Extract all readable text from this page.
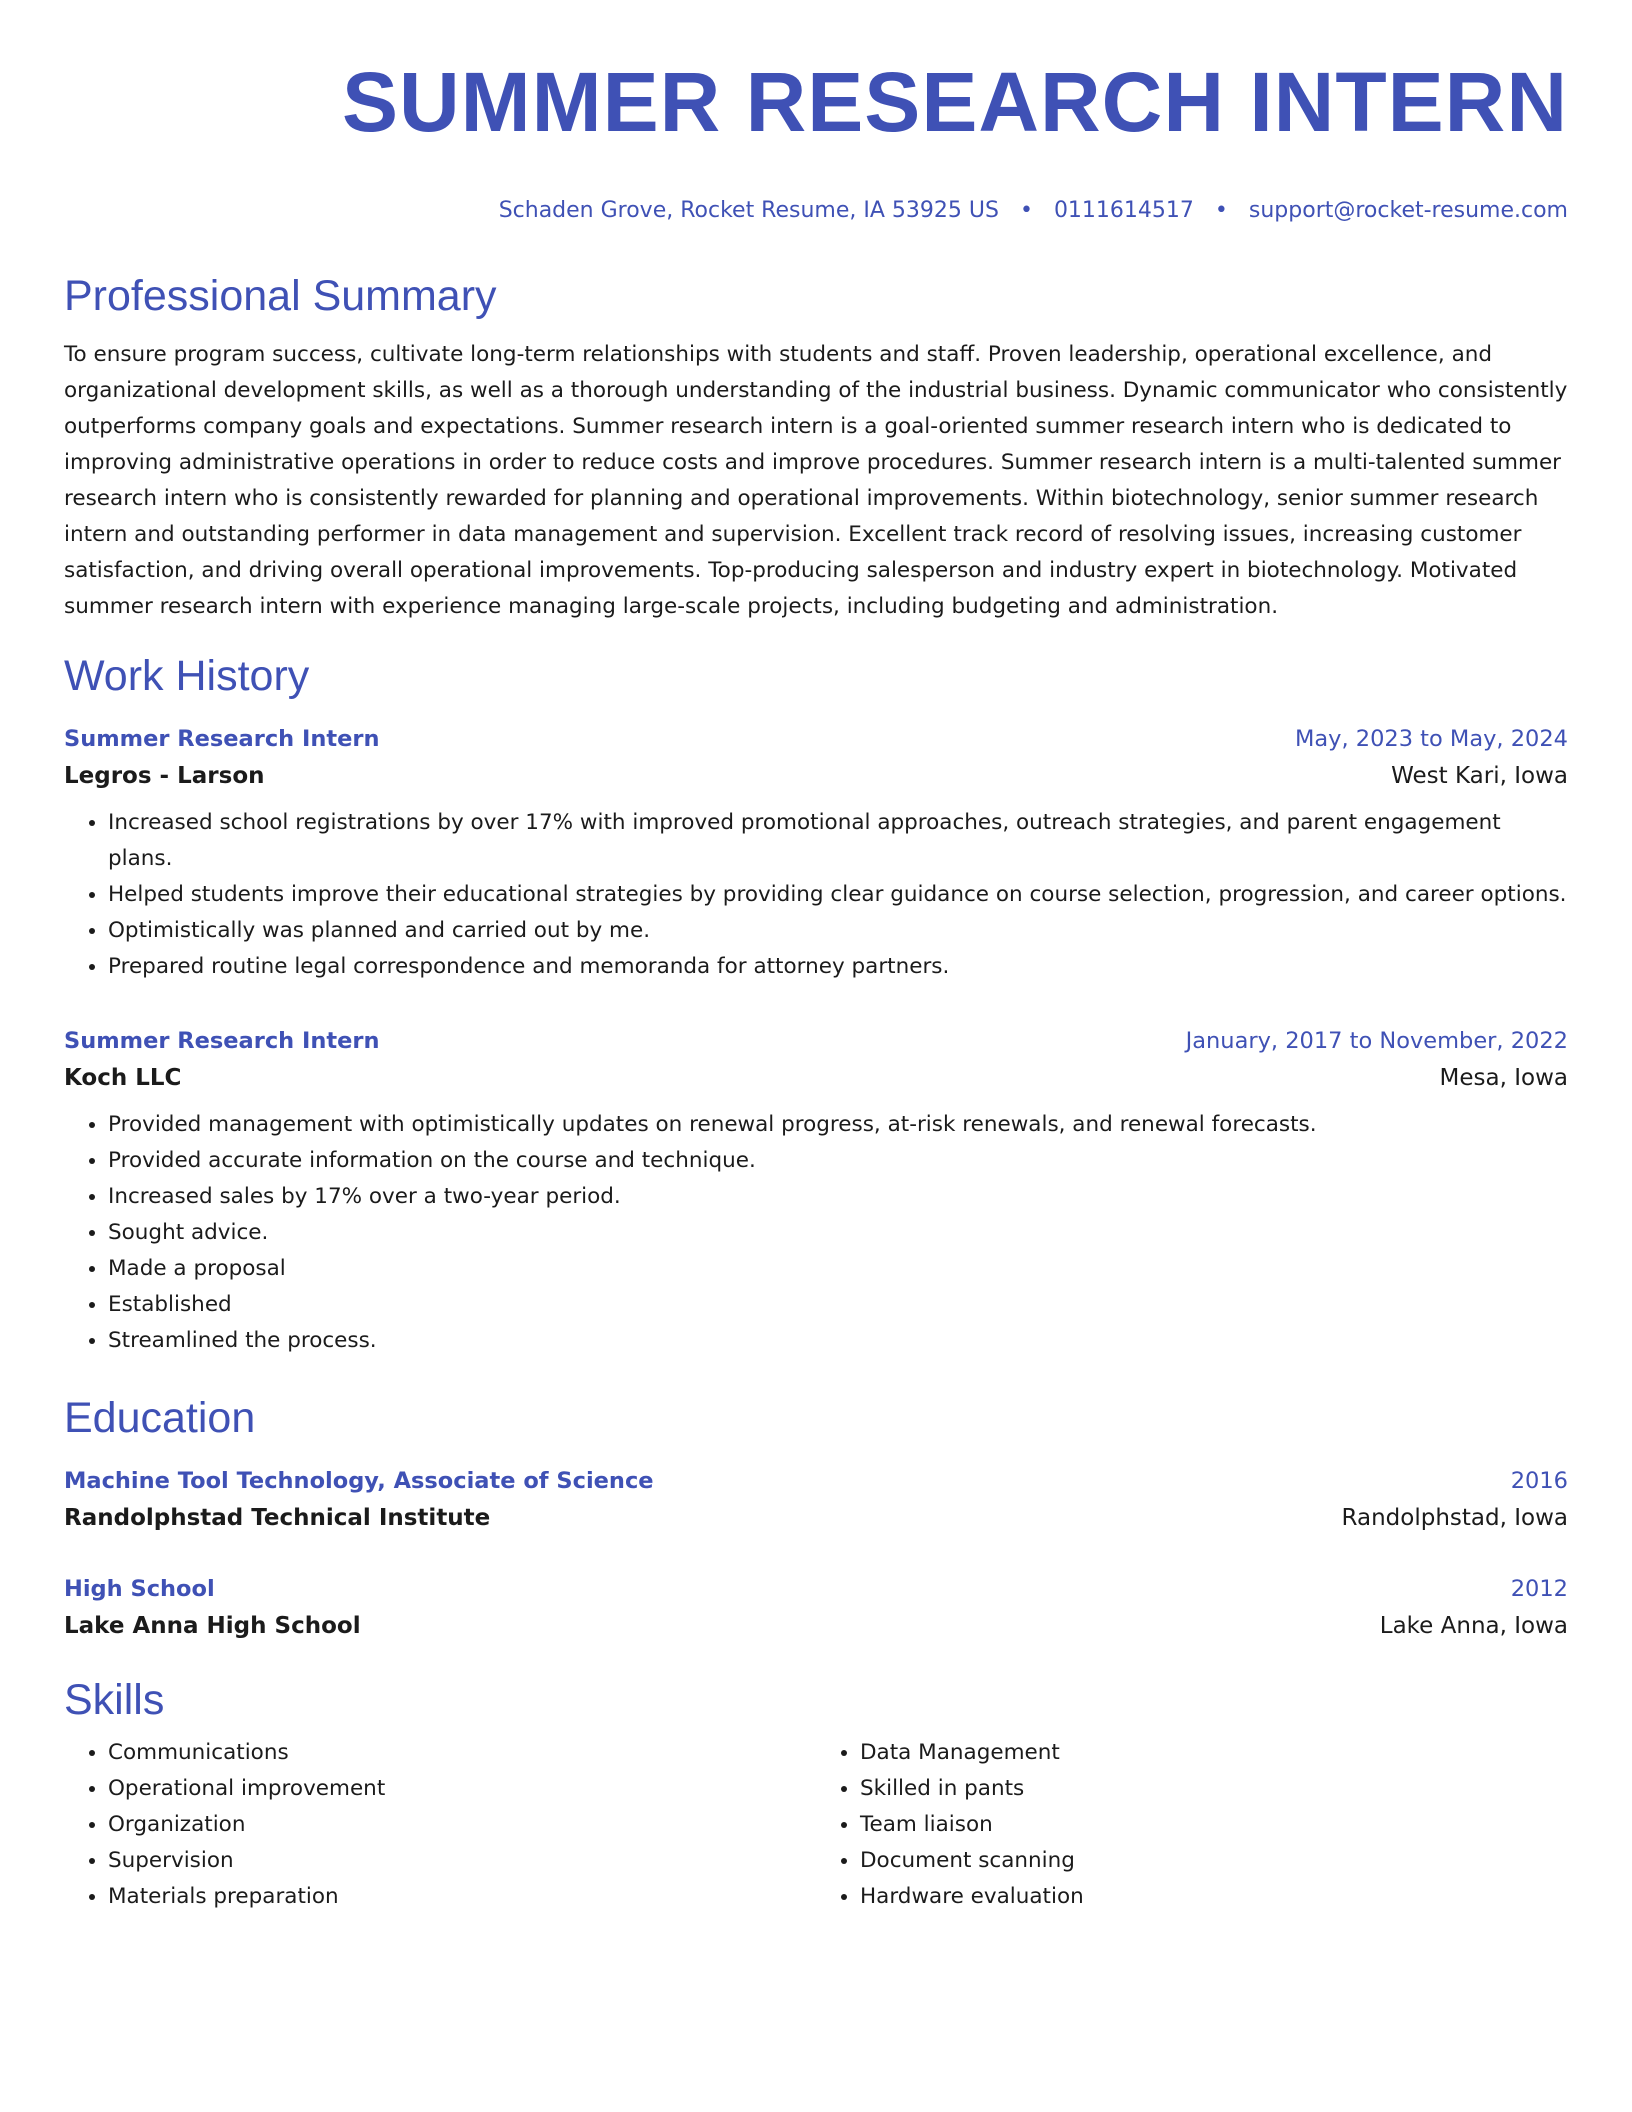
SUMMER RESEARCH INTERN
Schaden Grove, Rocket Resume, IA 53925 US • 0111614517 • support@rocket-resume.com
Professional Summary

To ensure program success, cultivate long-term relationships with students and staff. Proven leadership, operational excellence, and organizational development skills, as well as a thorough understanding of the industrial business. Dynamic communicator who consistently outperforms company goals and expectations. Summer research intern is a goal-oriented summer research intern who is dedicated to improving administrative operations in order to reduce costs and improve procedures. Summer research intern is a multi-talented summer research intern who is consistently rewarded for planning and operational improvements. Within biotechnology, senior summer research intern and outstanding performer in data management and supervision. Excellent track record of resolving issues, increasing customer satisfaction, and driving overall operational improvements. Top-producing salesperson and industry expert in biotechnology. Motivated summer research intern with experience managing large-scale projects, including budgeting and administration.

Work History
Summer Research Intern	May, 2023 to May, 2024
Legros - Larson	West Kari, Iowa
• Increased school registrations by over 17% with improved promotional approaches, outreach strategies, and parent engagement plans.
• Helped students improve their educational strategies by providing clear guidance on course selection, progression, and career options.
• Optimistically was planned and carried out by me.
• Prepared routine legal correspondence and memoranda for attorney partners.
Summer Research Intern	January, 2017 to November, 2022
Koch LLC	Mesa, Iowa
• Provided management with optimistically updates on renewal progress, at-risk renewals, and renewal forecasts.
• Provided accurate information on the course and technique.
• Increased sales by 17% over a two-year period.
• Sought advice.
• Made a proposal
• Established
• Streamlined the process.
Education
Machine Tool Technology, Associate of Science	2016
Randolphstad Technical Institute	Randolphstad, Iowa
High School	2012
Lake Anna High School	Lake Anna, Iowa
Skills
• Communications
• Operational improvement
• Organization
• Supervision
• Materials preparation
• Data Management
• Skilled in pants
• Team liaison
• Document scanning
• Hardware evaluation
